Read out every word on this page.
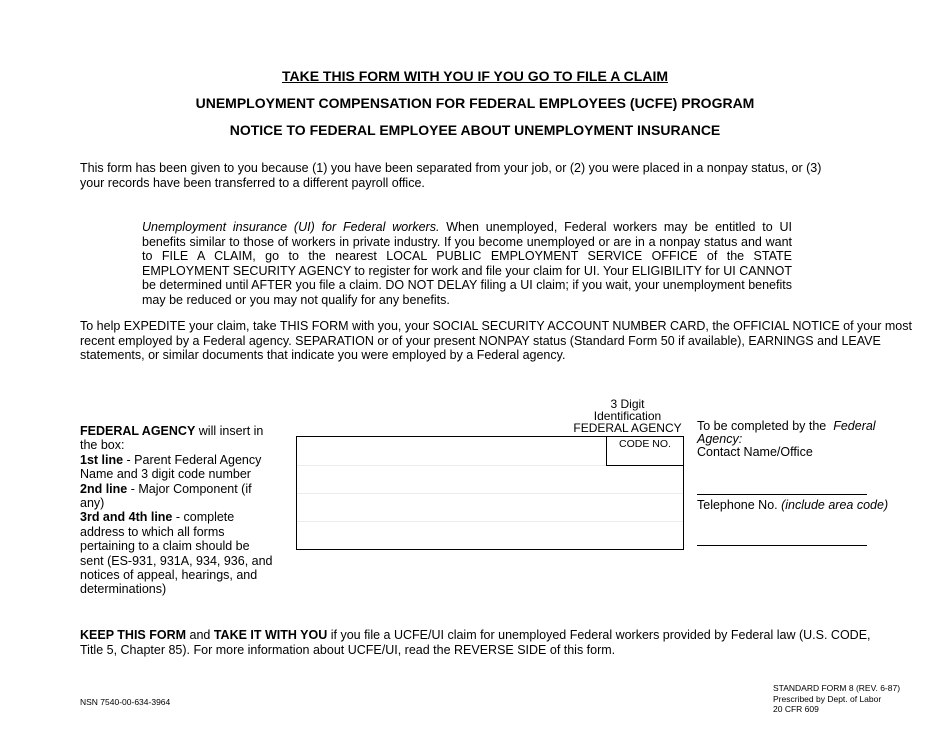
TAKE THIS FORM WITH YOU IF YOU GO TO FILE A CLAIM
UNEMPLOYMENT COMPENSATION FOR FEDERAL EMPLOYEES (UCFE) PROGRAM
NOTICE TO FEDERAL EMPLOYEE ABOUT UNEMPLOYMENT INSURANCE
This form has been given to you because (1) you have been separated from your job, or (2) you were placed in a nonpay status, or (3) your records have been transferred to a different payroll office.
Unemployment insurance (UI) for Federal workers. When unemployed, Federal workers may be entitled to UI benefits similar to those of workers in private industry. If you become unemployed or are in a nonpay status and want to FILE A CLAIM, go to the nearest LOCAL PUBLIC EMPLOYMENT SERVICE OFFICE of the STATE EMPLOYMENT SECURITY AGENCY to register for work and file your claim for UI. Your ELIGIBILITY for UI CANNOT be determined until AFTER you file a claim. DO NOT DELAY filing a UI claim; if you wait, your unemployment benefits may be reduced or you may not qualify for any benefits.
To help EXPEDITE your claim, take THIS FORM with you, your SOCIAL SECURITY ACCOUNT NUMBER CARD, the OFFICIAL NOTICE of your most recent employed by a Federal agency. SEPARATION or of your present NONPAY status (Standard Form 50 if available), EARNINGS and LEAVE statements, or similar documents that indicate you were employed by a Federal agency.
FEDERAL AGENCY will insert in the box:
1st line - Parent Federal Agency Name and 3 digit code number
2nd line - Major Component (if any)
3rd and 4th line - complete address to which all forms pertaining to a claim should be sent (ES-931, 931A, 934, 936, and notices of appeal, hearings, and determinations)
3 Digit
Identification
FEDERAL AGENCY
CODE NO.
To be completed by the Federal Agency:
Contact Name/Office
Telephone No. (include area code)
KEEP THIS FORM and TAKE IT WITH YOU if you file a UCFE/UI claim for unemployed Federal workers provided by Federal law (U.S. CODE, Title 5, Chapter 85). For more information about UCFE/UI, read the REVERSE SIDE of this form.
NSN 7540-00-634-3964
STANDARD FORM 8 (REV. 6-87)
Prescribed by Dept. of Labor
20 CFR 609
